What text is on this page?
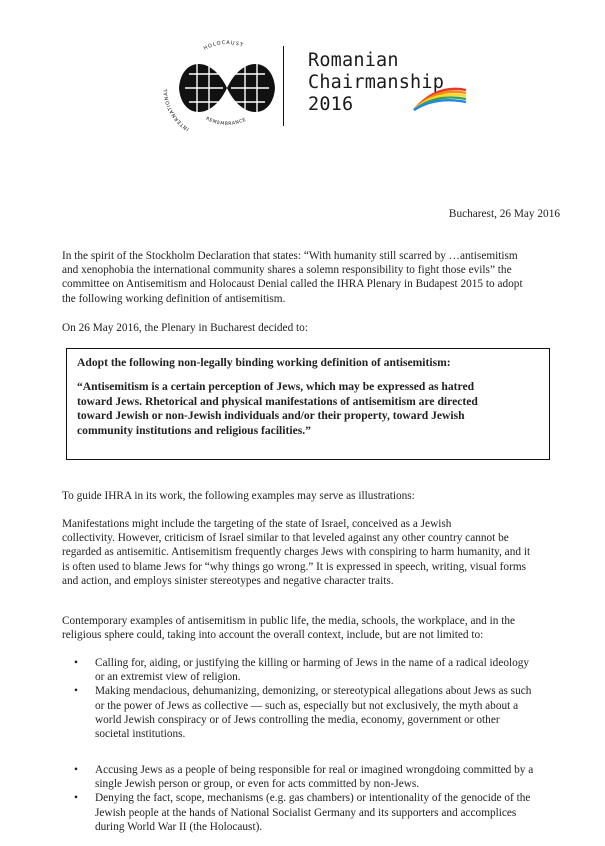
HOLOCAUST
INTERNATIONAL
REMEMBRANCE
Romanian
Chairmanship
2016
Bucharest, 26 May 2016

In the spirit of the Stockholm Declaration that states: “With humanity still scarred by …antisemitism
and xenophobia the international community shares a solemn responsibility to fight those evils” the
committee on Antisemitism and Holocaust Denial called the IHRA Plenary in Budapest 2015 to adopt
the following working definition of antisemitism.

On 26 May 2016, the Plenary in Bucharest decided to:

Adopt the following non-legally binding working definition of antisemitism:
“Antisemitism is a certain perception of Jews, which may be expressed as hatred
toward Jews. Rhetorical and physical manifestations of antisemitism are directed
toward Jewish or non-Jewish individuals and/or their property, toward Jewish
community institutions and religious facilities.”

To guide IHRA in its work, the following examples may serve as illustrations:

Manifestations might include the targeting of the state of Israel, conceived as a Jewish
collectivity. However, criticism of Israel similar to that leveled against any other country cannot be
regarded as antisemitic. Antisemitism frequently charges Jews with conspiring to harm humanity, and it
is often used to blame Jews for “why things go wrong.” It is expressed in speech, writing, visual forms
and action, and employs sinister stereotypes and negative character traits.

Contemporary examples of antisemitism in public life, the media, schools, the workplace, and in the
religious sphere could, taking into account the overall context, include, but are not limited to:

• Calling for, aiding, or justifying the killing or harming of Jews in the name of a radical ideology
or an extremist view of religion.
• Making mendacious, dehumanizing, demonizing, or stereotypical allegations about Jews as such
or the power of Jews as collective — such as, especially but not exclusively, the myth about a
world Jewish conspiracy or of Jews controlling the media, economy, government or other
societal institutions.
• Accusing Jews as a people of being responsible for real or imagined wrongdoing committed by a
single Jewish person or group, or even for acts committed by non-Jews.
• Denying the fact, scope, mechanisms (e.g. gas chambers) or intentionality of the genocide of the
Jewish people at the hands of National Socialist Germany and its supporters and accomplices
during World War II (the Holocaust).
